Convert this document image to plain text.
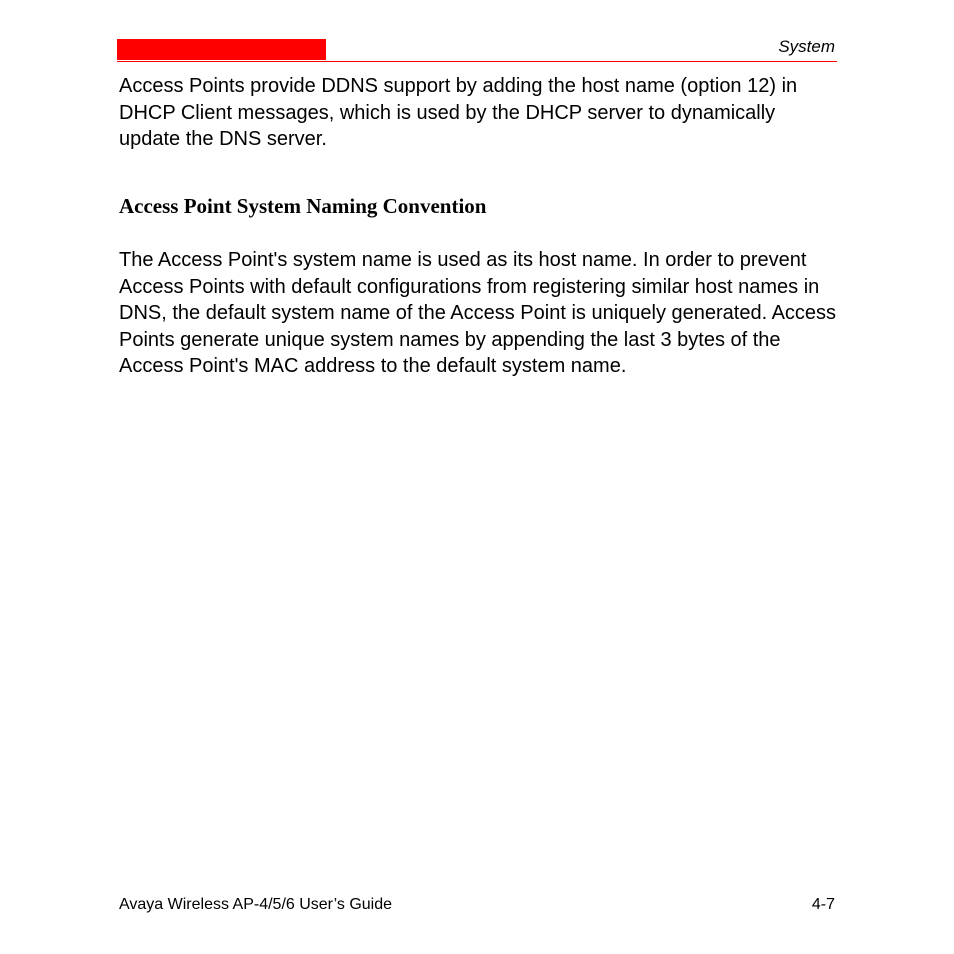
System

Access Points provide DDNS support by adding the host name (option 12) in DHCP Client messages, which is used by the DHCP server to dynamically update the DNS server.

Access Point System Naming Convention

The Access Point's system name is used as its host name. In order to prevent Access Points with default configurations from registering similar host names in DNS, the default system name of the Access Point is uniquely generated. Access Points generate unique system names by appending the last 3 bytes of the Access Point's MAC address to the default system name.

Avaya Wireless AP-4/5/6 User’s Guide	4-7
